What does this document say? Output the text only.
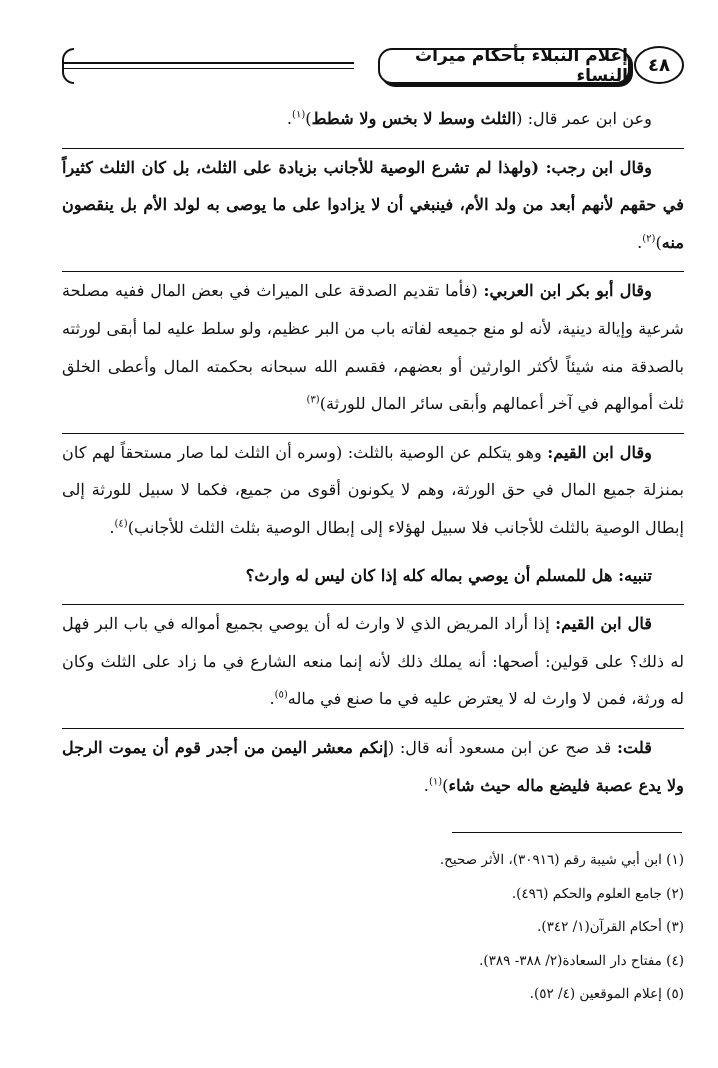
إعلام النبلاء بأحكام ميراث النساء
٤٨

وعن ابن عمر قال: (الثلث وسط لا بخس ولا شطط)$^{(١)}$.

وقال ابن رجب: (ولهذا لم تشرع الوصية للأجانب بزيادة على الثلث، بل كان الثلث كثيراً في حقهم لأنهم أبعد من ولد الأم، فينبغي أن لا يزادوا على ما يوصى به لولد الأم بل ينقصون منه)$^{(٢)}$.

وقال أبو بكر ابن العربي: (فأما تقديم الصدقة على الميراث في بعض المال ففيه مصلحة شرعية وإيالة دينية، لأنه لو منع جميعه لفاته باب من البر عظيم، ولو سلط عليه لما أبقى لورثته بالصدقة منه شيئاً لأكثر الوارثين أو بعضهم، فقسم الله سبحانه بحكمته المال وأعطى الخلق ثلث أموالهم في آخر أعمالهم وأبقى سائر المال للورثة)$^{(٣)}$

وقال ابن القيم: وهو يتكلم عن الوصية بالثلث: (وسره أن الثلث لما صار مستحقاً لهم كان بمنزلة جميع المال في حق الورثة، وهم لا يكونون أقوى من جميع، فكما لا سبيل للورثة إلى إبطال الوصية بالثلث للأجانب فلا سبيل لهؤلاء إلى إبطال الوصية بثلث الثلث للأجانب)$^{(٤)}$.

تنبيه: هل للمسلم أن يوصي بماله كله إذا كان ليس له وارث؟

قال ابن القيم: إذا أراد المريض الذي لا وارث له أن يوصي بجميع أمواله في باب البر فهل له ذلك؟ على قولين: أصحها: أنه يملك ذلك لأنه إنما منعه الشارع في ما زاد على الثلث وكان له ورثة، فمن لا وارث له لا يعترض عليه في ما صنع في ماله$^{(٥)}$.

قلت: قد صح عن ابن مسعود أنه قال: (إنكم معشر اليمن من أجدر قوم أن يموت الرجل ولا يدع عصبة فليضع ماله حيث شاء)$^{(١)}$.

(١) ابن أبي شيبة رقم (٣٠٩١٦)، الأثر صحيح.
(٢) جامع العلوم والحكم (٤٩٦).
(٣) أحكام القرآن(١/ ٣٤٢).
(٤) مفتاح دار السعادة(٢/ ٣٨٨- ٣٨٩).
(٥) إعلام الموقعين (٤/ ٥٢).
